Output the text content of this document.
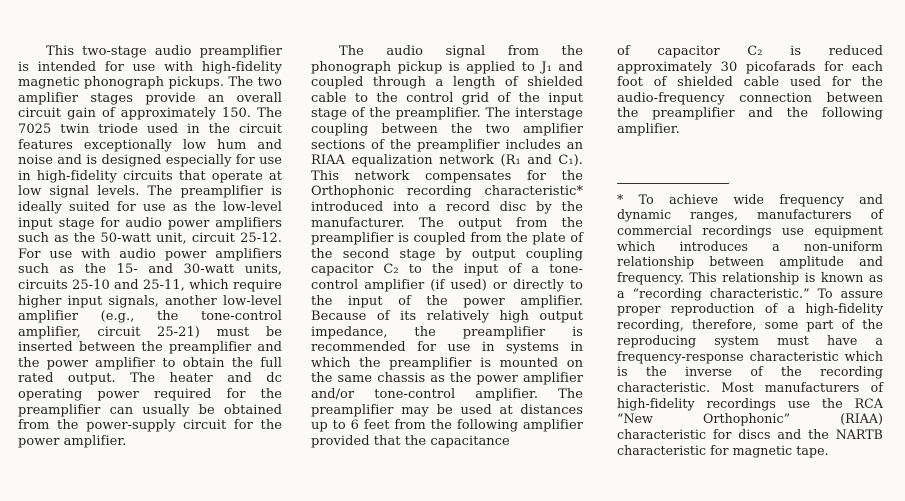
This two-stage audio preamplifier is intended for use with high-fidelity magnetic phonograph pickups. The two amplifier stages provide an overall circuit gain of approximately 150. The 7025 twin triode used in the circuit features exceptionally low hum and noise and is designed especially for use in high-fidelity circuits that operate at low signal levels. The preamplifier is ideally suited for use as the low-level input stage for audio power amplifiers such as the 50-watt unit, circuit 25-12. For use with audio power amplifiers such as the 15- and 30-watt units, circuits 25-10 and 25-11, which require higher input signals, another low-level amplifier (e.g., the tone-control amplifier, circuit 25-21) must be inserted between the preamplifier and the power amplifier to obtain the full rated output. The heater and dc operating power required for the preamplifier can usually be obtained from the power-supply circuit for the power amplifier.

The audio signal from the phonograph pickup is applied to J₁ and coupled through a length of shielded cable to the control grid of the input stage of the preamplifier. The interstage coupling between the two amplifier sections of the preamplifier includes an RIAA equalization network (R₁ and C₁). This network compensates for the Orthophonic recording characteristic* introduced into a record disc by the manufacturer. The output from the preamplifier is coupled from the plate of the second stage by output coupling capacitor C₂ to the input of a tone-control amplifier (if used) or directly to the input of the power amplifier. Because of its relatively high output impedance, the preamplifier is recommended for use in systems in which the preamplifier is mounted on the same chassis as the power amplifier and/or tone-control amplifier. The preamplifier may be used at distances up to 6 feet from the following amplifier provided that the capacitance

of capacitor C₂ is reduced approximately 30 picofarads for each foot of shielded cable used for the audio-frequency connection between the preamplifier and the following amplifier.

* To achieve wide frequency and dynamic ranges, manufacturers of commercial recordings use equipment which introduces a non-uniform relationship between amplitude and frequency. This relationship is known as a “recording characteristic.” To assure proper reproduction of a high-fidelity recording, therefore, some part of the reproducing system must have a frequency-response characteristic which is the inverse of the recording characteristic. Most manufacturers of high-fidelity recordings use the RCA “New Orthophonic” (RIAA) characteristic for discs and the NARTB characteristic for magnetic tape.
